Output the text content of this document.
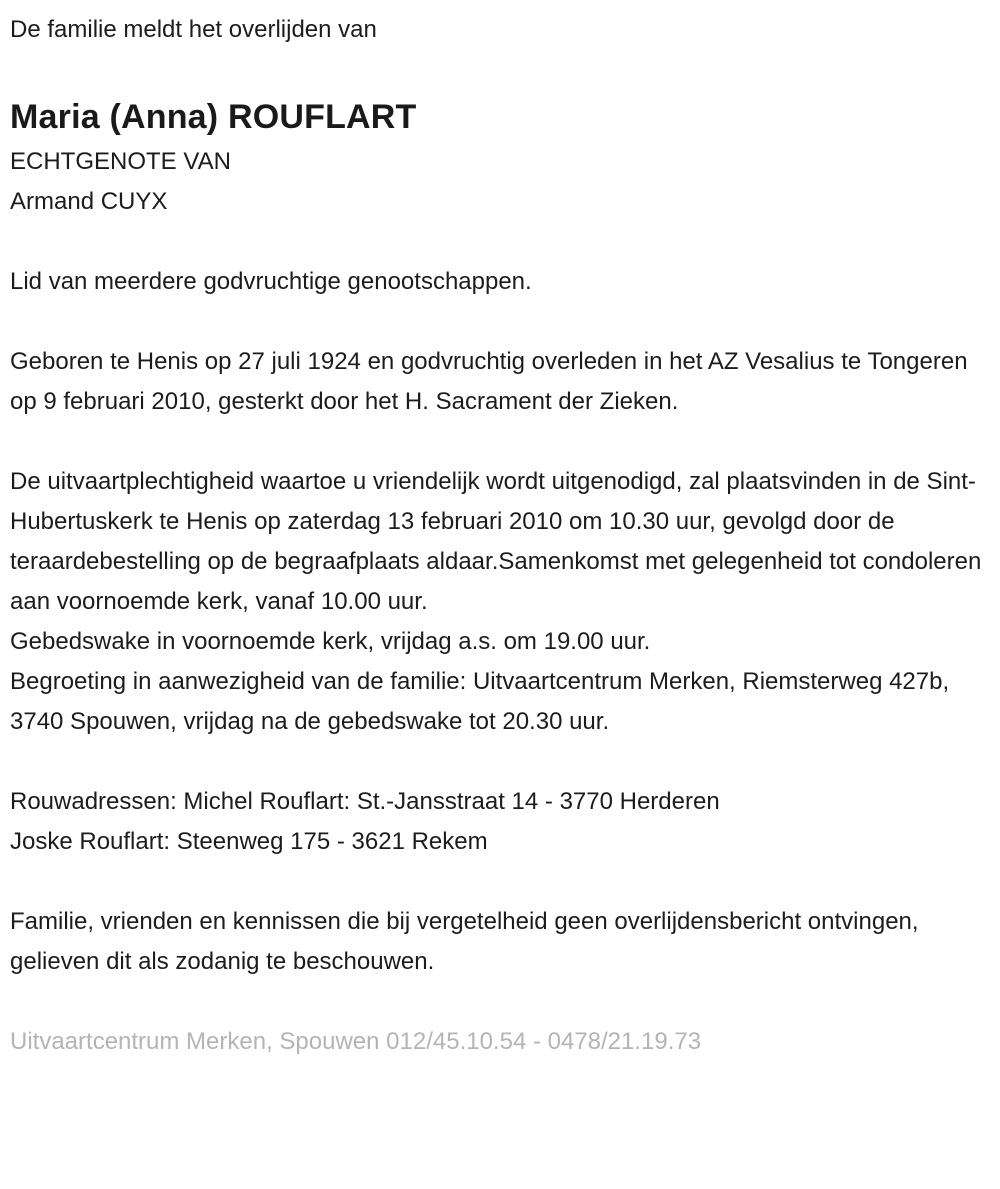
De familie meldt het overlijden van
Maria (Anna) ROUFLART
ECHTGENOTE VAN
Armand CUYX
Lid van meerdere godvruchtige genootschappen.
Geboren te Henis op 27 juli 1924 en godvruchtig overleden in het AZ Vesalius te Tongeren op 9 februari 2010, gesterkt door het H. Sacrament der Zieken.
De uitvaartplechtigheid waartoe u vriendelijk wordt uitgenodigd, zal plaatsvinden in de Sint-Hubertuskerk te Henis op zaterdag 13 februari 2010 om 10.30 uur, gevolgd door de teraardebestelling op de begraafplaats aldaar.Samenkomst met gelegenheid tot condoleren aan voornoemde kerk, vanaf 10.00 uur.
Gebedswake in voornoemde kerk, vrijdag a.s. om 19.00 uur.
Begroeting in aanwezigheid van de familie: Uitvaartcentrum Merken, Riemsterweg 427b, 3740 Spouwen, vrijdag na de gebedswake tot 20.30 uur.
Rouwadressen: Michel Rouflart: St.-Jansstraat 14 - 3770 Herderen
Joske Rouflart: Steenweg 175 - 3621 Rekem
Familie, vrienden en kennissen die bij vergetelheid geen overlijdensbericht ontvingen, gelieven dit als zodanig te beschouwen.
Uitvaartcentrum Merken, Spouwen 012/45.10.54 - 0478/21.19.73
